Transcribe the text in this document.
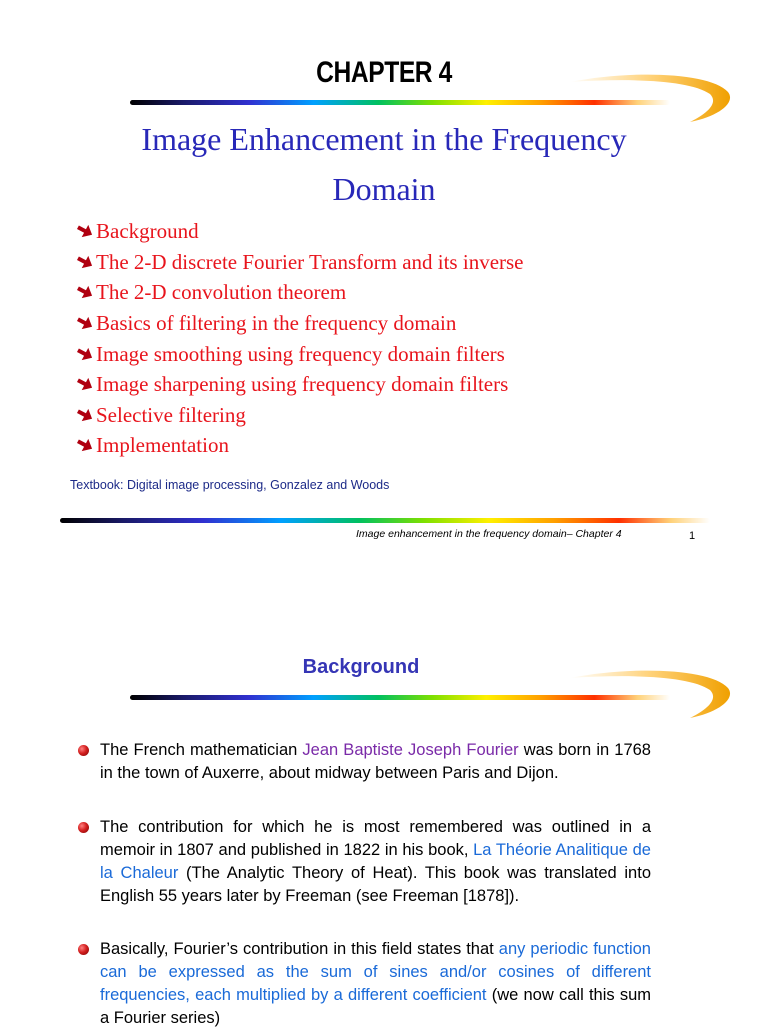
CHAPTER 4
Image Enhancement in the Frequency
Domain
Background
The 2-D discrete Fourier Transform and its inverse
The 2-D convolution theorem
Basics of filtering in the frequency domain
Image smoothing using frequency domain filters
Image sharpening using frequency domain filters
Selective filtering
Implementation
Textbook: Digital image processing, Gonzalez and Woods
Image enhancement in the frequency domain– Chapter 4	1
Background
The French mathematician Jean Baptiste Joseph Fourier was born in 1768 in the town of Auxerre, about midway between Paris and Dijon.
The contribution for which he is most remembered was outlined in a memoir in 1807 and published in 1822 in his book, La Théorie Analitique de la Chaleur (The Analytic Theory of Heat). This book was translated into English 55 years later by Freeman (see Freeman [1878]).
Basically, Fourier’s contribution in this field states that any periodic function can be expressed as the sum of sines and/or cosines of different frequencies, each multiplied by a different coefficient (we now call this sum a Fourier series)
